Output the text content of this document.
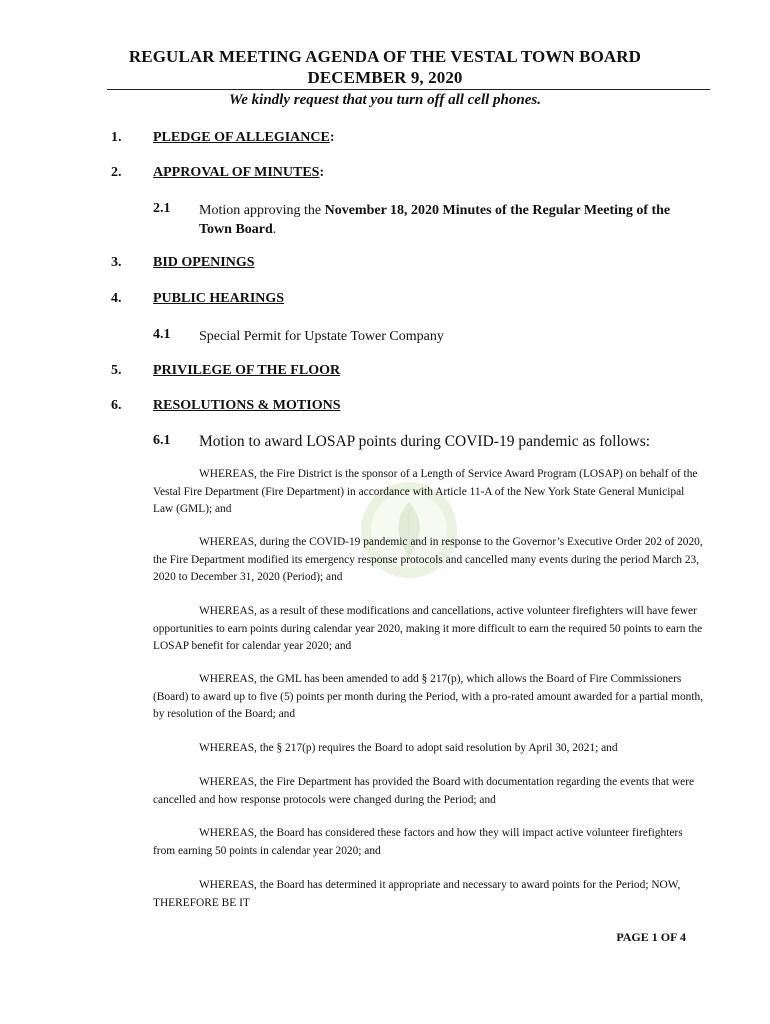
REGULAR MEETING AGENDA OF THE VESTAL TOWN BOARD
DECEMBER 9, 2020
We kindly request that you turn off all cell phones.
1. PLEDGE OF ALLEGIANCE:
2. APPROVAL OF MINUTES:
2.1 Motion approving the November 18, 2020 Minutes of the Regular Meeting of the Town Board.
3. BID OPENINGS
4. PUBLIC HEARINGS
4.1 Special Permit for Upstate Tower Company
5. PRIVILEGE OF THE FLOOR
6. RESOLUTIONS & MOTIONS
6.1 Motion to award LOSAP points during COVID-19 pandemic as follows:
WHEREAS, the Fire District is the sponsor of a Length of Service Award Program (LOSAP) on behalf of the Vestal Fire Department (Fire Department) in accordance with Article 11-A of the New York State General Municipal Law (GML); and
WHEREAS, during the COVID-19 pandemic and in response to the Governor’s Executive Order 202 of 2020, the Fire Department modified its emergency response protocols and cancelled many events during the period March 23, 2020 to December 31, 2020 (Period); and
WHEREAS, as a result of these modifications and cancellations, active volunteer firefighters will have fewer opportunities to earn points during calendar year 2020, making it more difficult to earn the required 50 points to earn the LOSAP benefit for calendar year 2020; and
WHEREAS, the GML has been amended to add § 217(p), which allows the Board of Fire Commissioners (Board) to award up to five (5) points per month during the Period, with a pro-rated amount awarded for a partial month, by resolution of the Board; and
WHEREAS, the § 217(p) requires the Board to adopt said resolution by April 30, 2021; and
WHEREAS, the Fire Department has provided the Board with documentation regarding the events that were cancelled and how response protocols were changed during the Period; and
WHEREAS, the Board has considered these factors and how they will impact active volunteer firefighters from earning 50 points in calendar year 2020; and
WHEREAS, the Board has determined it appropriate and necessary to award points for the Period; NOW, THEREFORE BE IT
PAGE 1 OF 4
